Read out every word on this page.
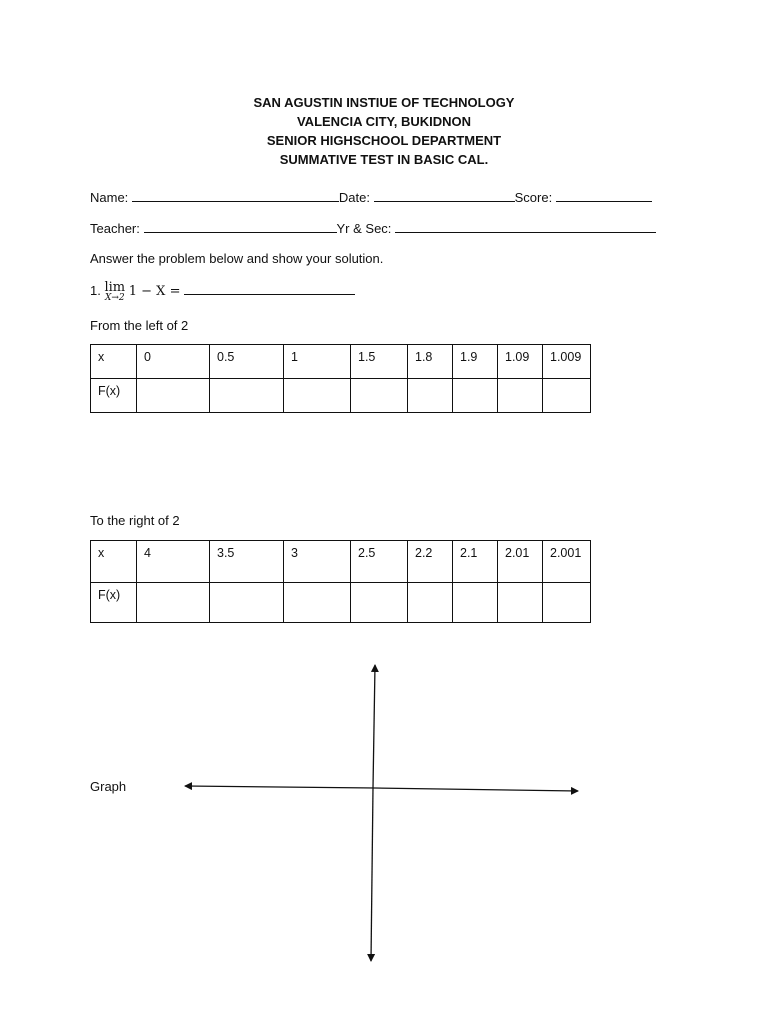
SAN AGUSTIN INSTIUE OF TECHNOLOGY
VALENCIA CITY, BUKIDNON
SENIOR HIGHSCHOOL DEPARTMENT
SUMMATIVE TEST IN BASIC CAL.
Name:	Date:	Score:
Teacher:	Yr & Sec:
Answer the problem below and show your solution.
1. lim
X→2 1 − X =
From the left of 2
x	0	0.5	1	1.5	1.8	1.9	1.09	1.009
F(x)								
To the right of 2
x	4	3.5	3	2.5	2.2	2.1	2.01	2.001
F(x)								
Graph
